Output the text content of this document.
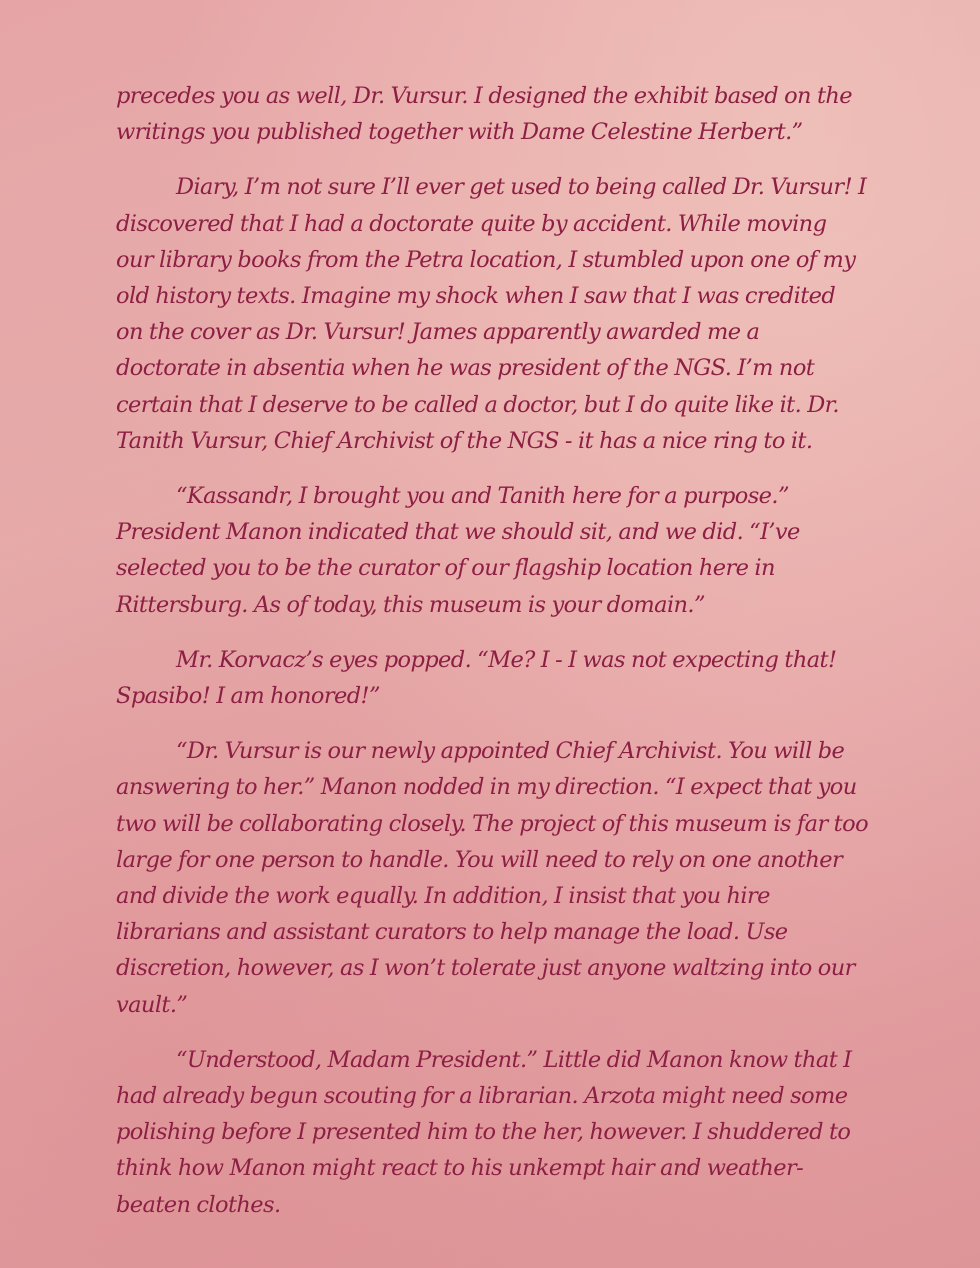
precedes you as well, Dr. Vursur. I designed the exhibit based on the writings you published together with Dame Celestine Herbert.”

Diary, I’m not sure I’ll ever get used to being called Dr. Vursur! I discovered that I had a doctorate quite by accident. While moving our library books from the Petra location, I stumbled upon one of my old history texts. Imagine my shock when I saw that I was credited on the cover as Dr. Vursur! James apparently awarded me a doctorate in absentia when he was president of the NGS. I’m not certain that I deserve to be called a doctor, but I do quite like it. Dr. Tanith Vursur, Chief Archivist of the NGS - it has a nice ring to it.

“Kassandr, I brought you and Tanith here for a purpose.” President Manon indicated that we should sit, and we did. “I’ve selected you to be the curator of our flagship location here in Rittersburg. As of today, this museum is your domain.”

Mr. Korvacz’s eyes popped. “Me? I - I was not expecting that! Spasibo! I am honored!”

“Dr. Vursur is our newly appointed Chief Archivist. You will be answering to her.” Manon nodded in my direction. “I expect that you two will be collaborating closely. The project of this museum is far too large for one person to handle. You will need to rely on one another and divide the work equally. In addition, I insist that you hire librarians and assistant curators to help manage the load. Use discretion, however, as I won’t tolerate just anyone waltzing into our vault.”

“Understood, Madam President.” Little did Manon know that I had already begun scouting for a librarian. Arzota might need some polishing before I presented him to the her, however. I shuddered to think how Manon might react to his unkempt hair and weather-beaten clothes.
